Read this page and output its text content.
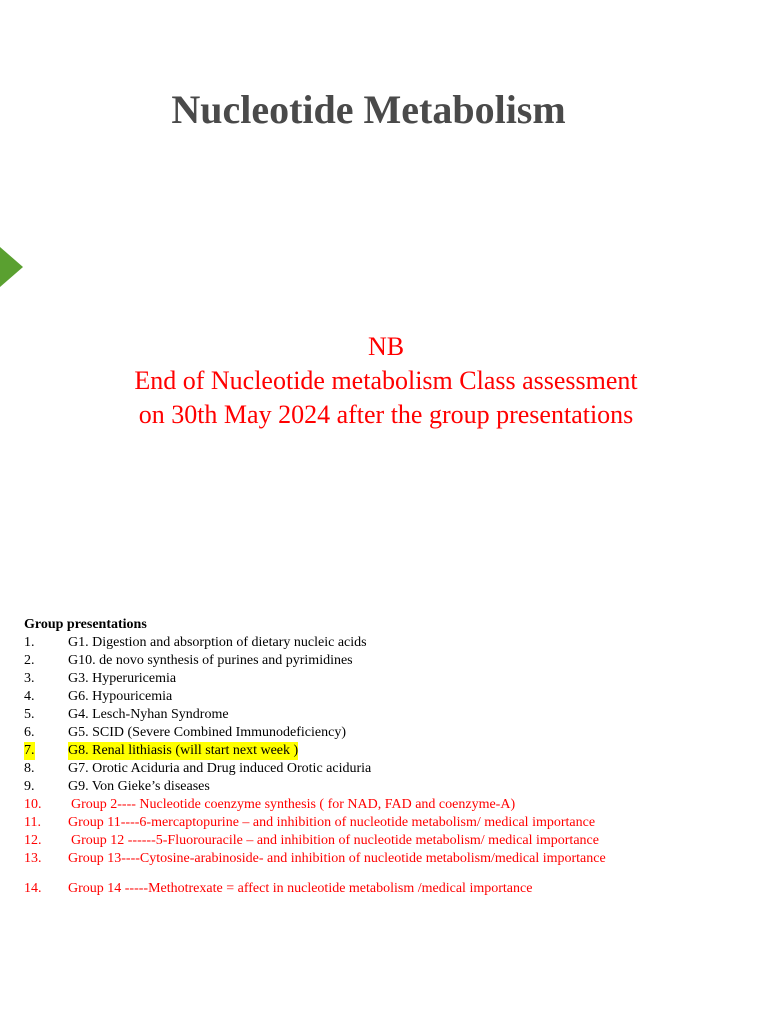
Nucleotide Metabolism
NB
End of Nucleotide metabolism Class assessment
on 30th May 2024 after the group presentations
Group presentations
1. G1. Digestion and absorption of dietary nucleic acids
2. G10. de novo synthesis of purines and pyrimidines
3. G3. Hyperuricemia
4. G6. Hypouricemia
5. G4. Lesch-Nyhan Syndrome
6. G5. SCID (Severe Combined Immunodeficiency)
7. G8. Renal lithiasis (will start next week )
8. G7. Orotic Aciduria and Drug induced Orotic aciduria
9. G9. Von Gieke’s diseases
10. Group 2---- Nucleotide coenzyme synthesis ( for NAD, FAD and coenzyme-A)
11. Group 11----6-mercaptopurine – and inhibition of nucleotide metabolism/ medical importance
12. Group 12 ------5-Fluorouracile – and inhibition of nucleotide metabolism/ medical importance
13. Group 13----Cytosine-arabinoside- and inhibition of nucleotide metabolism/medical importance
14. Group 14 -----Methotrexate = affect in nucleotide metabolism /medical importance
